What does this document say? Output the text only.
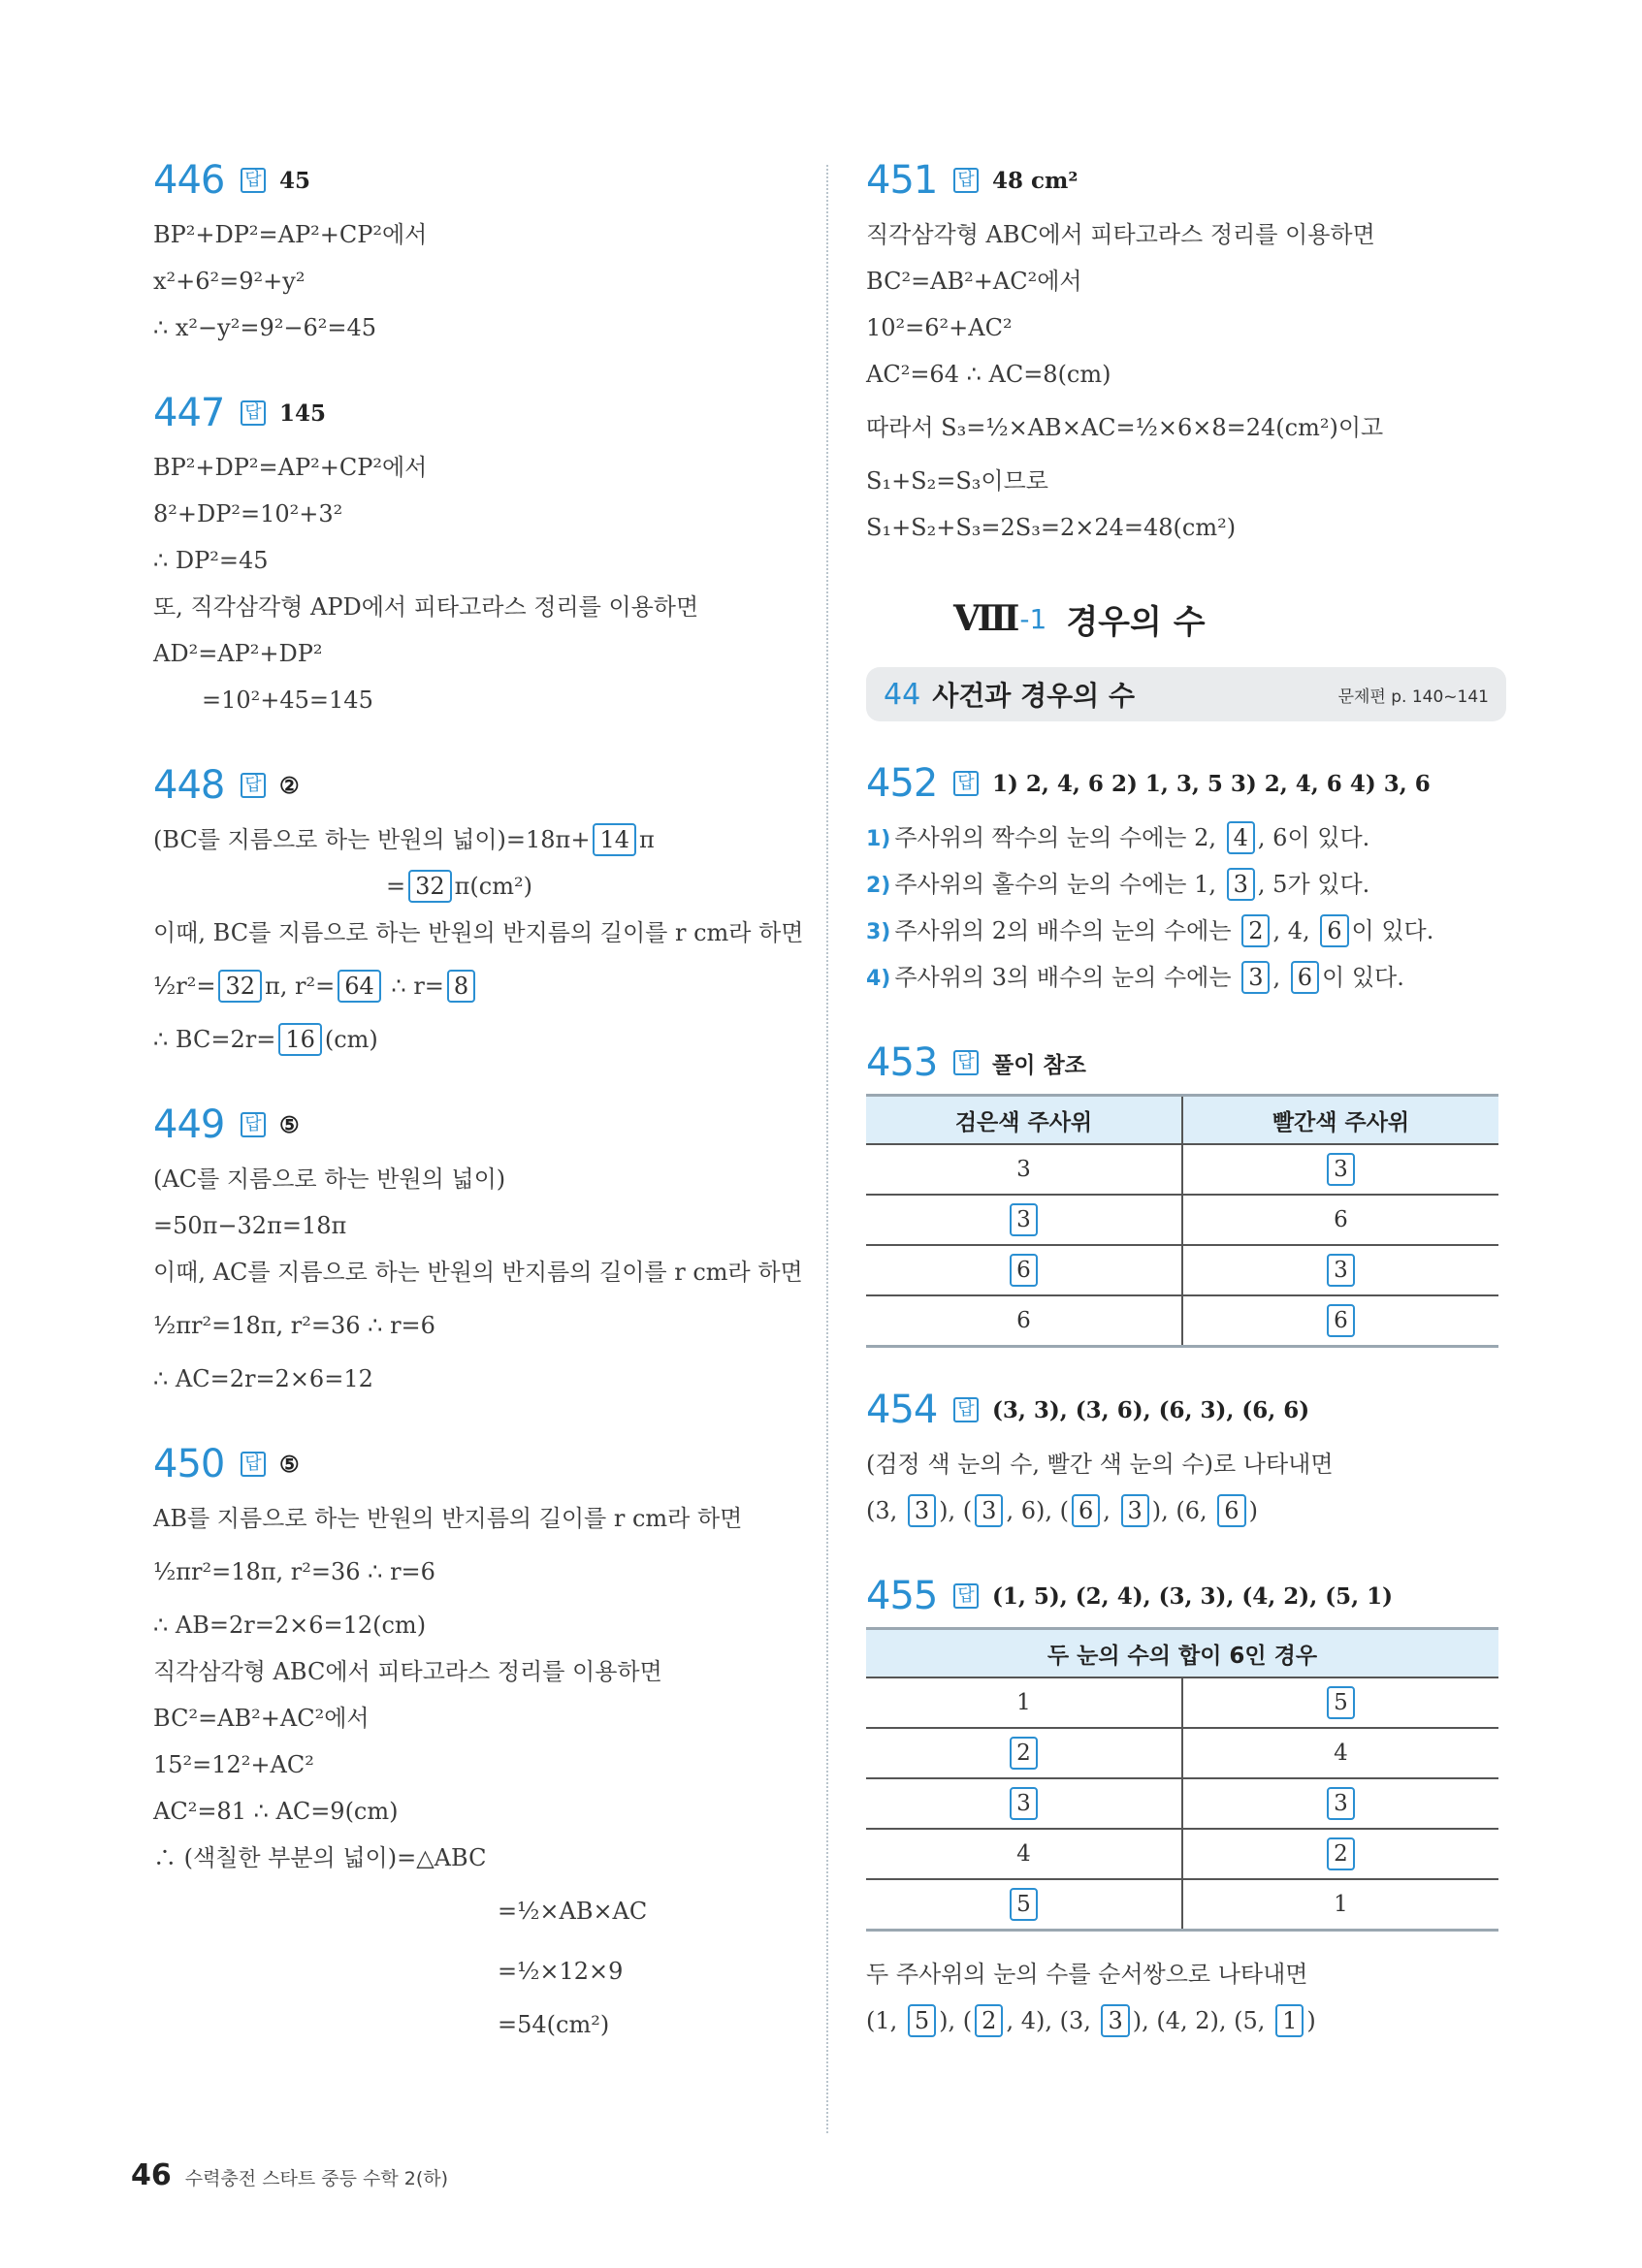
446	답 45
BP²+DP²=AP²+CP²에서
x²+6²=9²+y²
∴ x²−y²=9²−6²=45
447	답 145
BP²+DP²=AP²+CP²에서
8²+DP²=10²+3²
∴ DP²=45
또, 직각삼각형 APD에서 피타고라스 정리를 이용하면
AD²=AP²+DP²
=10²+45=145
448	답 ②
(BC를 지름으로 하는 반원의 넓이)=18π+ 14 π
= 32 π(cm²)
이때, BC를 지름으로 하는 반원의 반지름의 길이를 r cm라 하면
½r²= 32 π, r²= 64 ∴ r= 8
∴ BC=2r= 16 (cm)
449	답 ⑤
(AC를 지름으로 하는 반원의 넓이)
=50π−32π=18π
이때, AC를 지름으로 하는 반원의 반지름의 길이를 r cm라 하면
½πr²=18π, r²=36 ∴ r=6
∴ AC=2r=2×6=12
450	답 ⑤
AB를 지름으로 하는 반원의 반지름의 길이를 r cm라 하면
½πr²=18π, r²=36 ∴ r=6
∴ AB=2r=2×6=12(cm)
직각삼각형 ABC에서 피타고라스 정리를 이용하면
BC²=AB²+AC²에서
15²=12²+AC²
AC²=81 ∴ AC=9(cm)
∴ (색칠한 부분의 넓이)=△ABC
=½×AB×AC
=½×12×9
=54(cm²)
451	답 48 cm²
직각삼각형 ABC에서 피타고라스 정리를 이용하면
BC²=AB²+AC²에서
10²=6²+AC²
AC²=64 ∴ AC=8(cm)
따라서 S₃=½×AB×AC=½×6×8=24(cm²)이고
S₁+S₂=S₃이므로
S₁+S₂+S₃=2S₃=2×24=48(cm²)
Ⅷ -1 경우의 수
44 사건과 경우의 수	문제편 p. 140~141
452	답 1) 2, 4, 6 2) 1, 3, 5 3) 2, 4, 6 4) 3, 6
1) 주사위의 짝수의 눈의 수에는 2, 4 , 6이 있다.
2) 주사위의 홀수의 눈의 수에는 1, 3 , 5가 있다.
3) 주사위의 2의 배수의 눈의 수에는 2 , 4, 6 이 있다.
4) 주사위의 3의 배수의 눈의 수에는 3 , 6 이 있다.
453	답 풀이 참조
검은색 주사위	빨간색 주사위
3	3
3	6
6	3
6	6
454	답 (3, 3), (3, 6), (6, 3), (6, 6)
(검정 색 눈의 수, 빨간 색 눈의 수)로 나타내면
(3, 3 ), ( 3 , 6), ( 6 , 3 ), (6, 6 )
455	답 (1, 5), (2, 4), (3, 3), (4, 2), (5, 1)
두 눈의 수의 합이 6인 경우	
1	5
2	4
3	3
4	2
5	1
두 주사위의 눈의 수를 순서쌍으로 나타내면
(1, 5 ), ( 2 , 4), (3, 3 ), (4, 2), (5, 1 )
46 수력충전 스타트 중등 수학 2(하)
